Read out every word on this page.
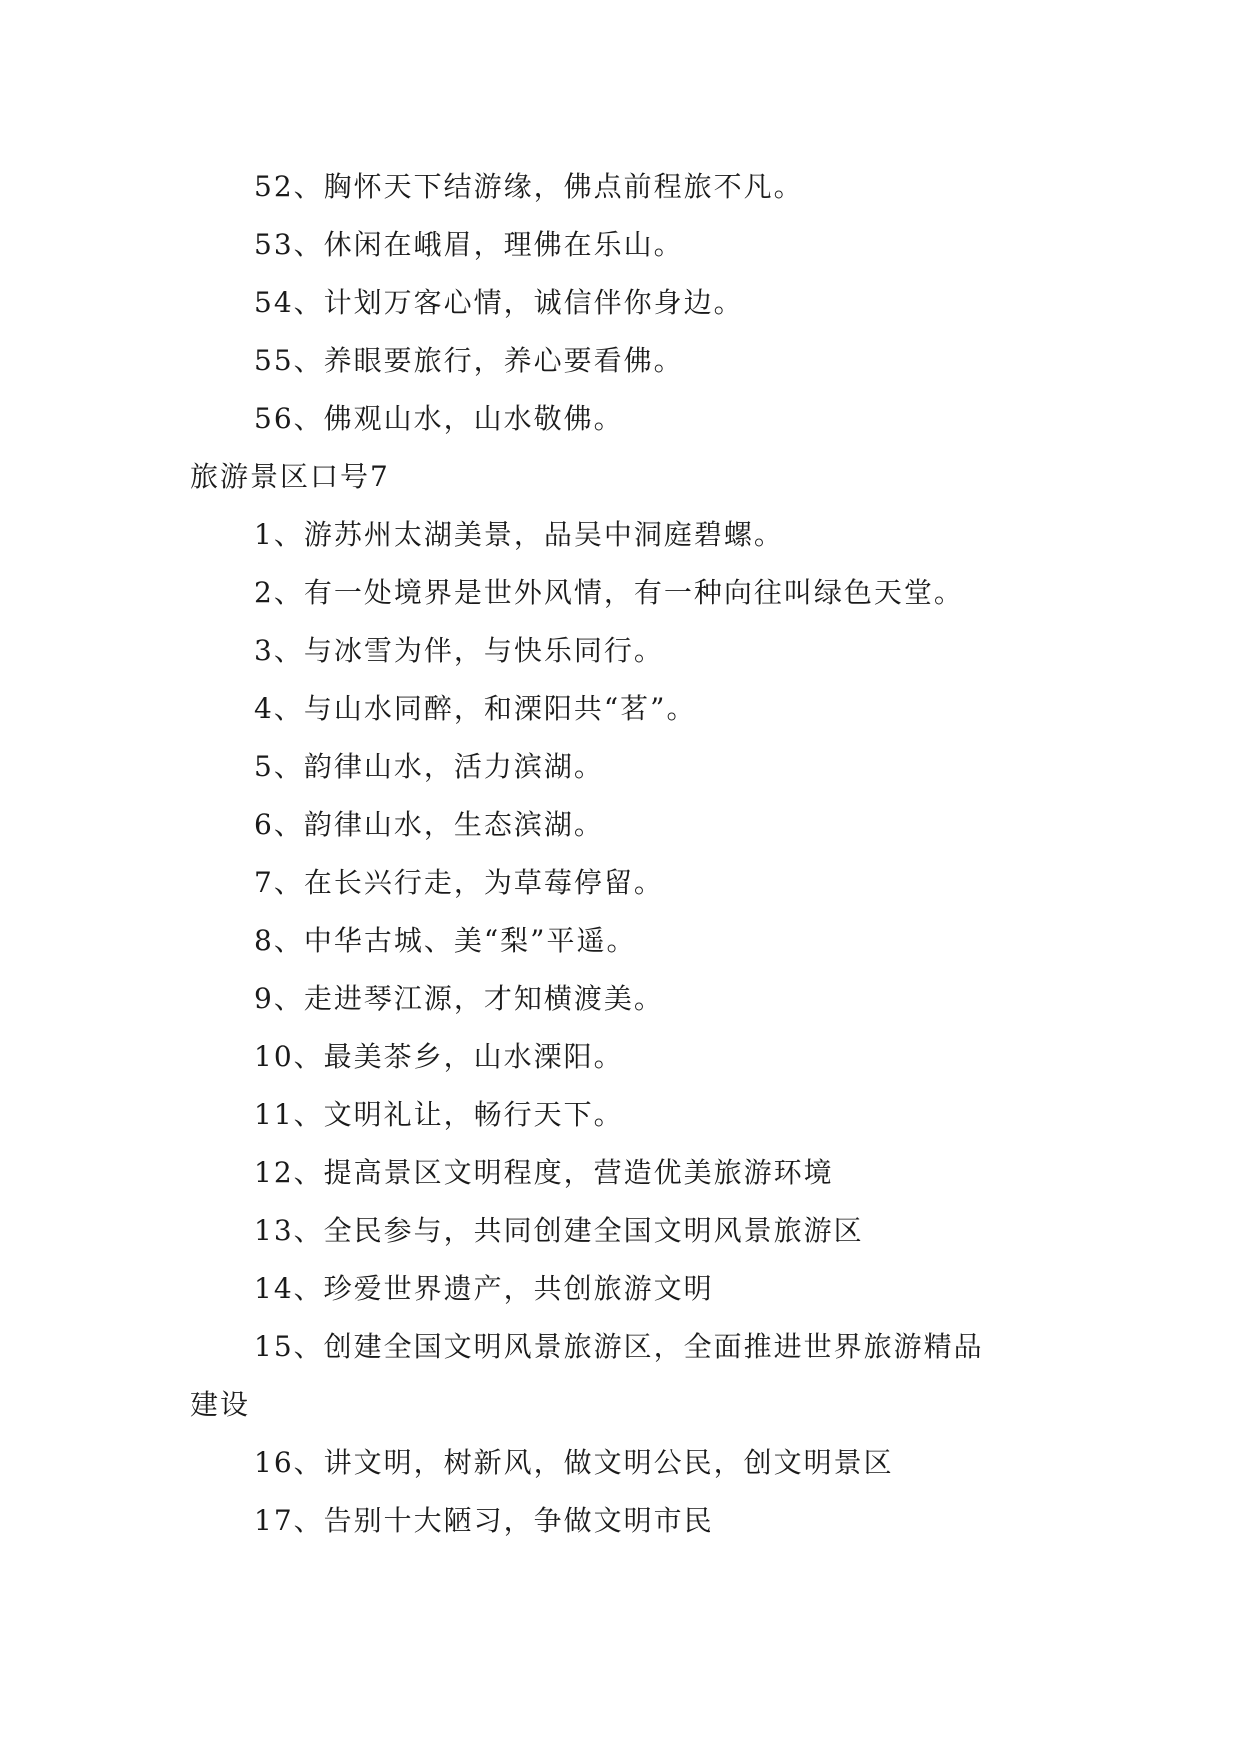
52、胸怀天下结游缘，佛点前程旅不凡。
53、休闲在峨眉，理佛在乐山。
54、计划万客心情，诚信伴你身边。
55、养眼要旅行，养心要看佛。
56、佛观山水，山水敬佛。
旅游景区口号7
1、游苏州太湖美景，品吴中洞庭碧螺。
2、有一处境界是世外风情，有一种向往叫绿色天堂。
3、与冰雪为伴，与快乐同行。
4、与山水同醉，和溧阳共“茗”。
5、韵律山水，活力滨湖。
6、韵律山水，生态滨湖。
7、在长兴行走，为草莓停留。
8、中华古城、美“梨”平遥。
9、走进琴江源，才知横渡美。
10、最美茶乡，山水溧阳。
11、文明礼让，畅行天下。
12、提高景区文明程度，营造优美旅游环境
13、全民参与，共同创建全国文明风景旅游区
14、珍爱世界遗产，共创旅游文明
15、创建全国文明风景旅游区，全面推进世界旅游精品
建设
16、讲文明，树新风，做文明公民，创文明景区
17、告别十大陋习，争做文明市民
